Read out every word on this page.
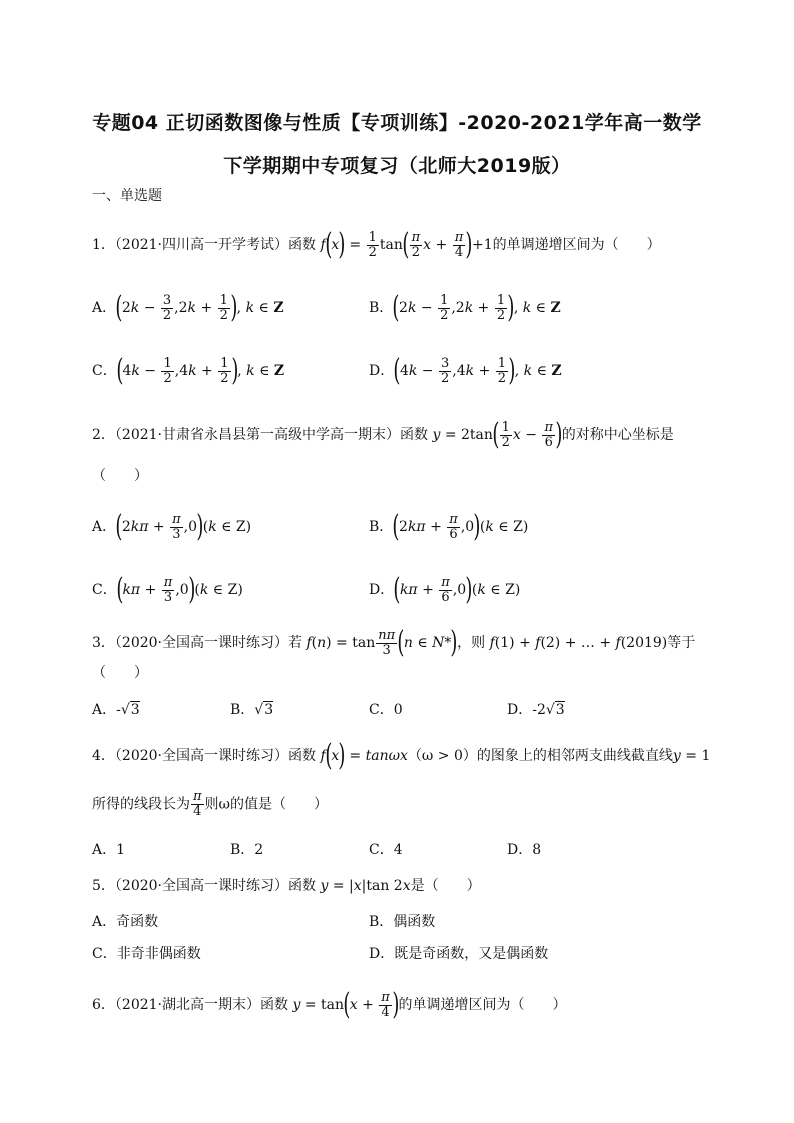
专题04 正切函数图像与性质【专项训练】-2020-2021学年高一数学
下学期期中专项复习（北师大2019版）
一、单选题
1．（2021·四川高一开学考试）函数 $f(x) = \frac{1}{2} \tan( \frac{\pi}{2}$ $x + \frac{\pi}{4} )+1$的单调递增区间为（　　）
A．($2k - \frac{3}{2} ,2k + \frac{1}{2}$ ), k ∈ Z	B．($2k - \frac{1}{2} ,2k + \frac{1}{2}$ ), k ∈ Z
C．($4k - \frac{1}{2} ,4k + \frac{1}{2}$ ), k ∈ Z	D．($4k - \frac{3}{2} ,4k + \frac{1}{2}$ ), k ∈ Z
2．（2021·甘肃省永昌县第一高级中学高一期末）函数 $y = 2\tan( \frac{1}{2}$ $x - \frac{\pi}{6}$ )的对称中心坐标是
（　　）
A．$(2k\pi + \frac{\pi}{3} ,0)(k$ ∈ Z)	B．$(2k\pi + \frac{\pi}{6} ,0)(k$ ∈ Z)
C．$(k\pi + \frac{\pi}{3} ,0)(k$ ∈ Z)	D．$(k\pi + \frac{\pi}{6} ,0)(k$ ∈ Z)
3．（2020·全国高一课时练习）若 $f(n) = \tan \frac{n\pi}{3} (n$ ∈ N*)，则 f(1) + f(2) + … + f(2019)等于
（　　）
A．-√3	B．√3	C．0	D．-2√3
4．（2020·全国高一课时练习）函数 f(x) = tanωx（ω > 0）的图象上的相邻两支曲线截直线y = 1
所得的线段长为 $\frac{\pi}{4}$ 则ω的值是（　　）
A．1	B．2	C．4	D．8
5．（2020·全国高一课时练习）函数 y = |x|tan 2x是（　　）
A．奇函数	B．偶函数
C．非奇非偶函数	D．既是奇函数，又是偶函数
6．（2021·湖北高一期末）函数 $y = \tan(x + \frac{\pi}{4}$ )的单调递增区间为（　　）
